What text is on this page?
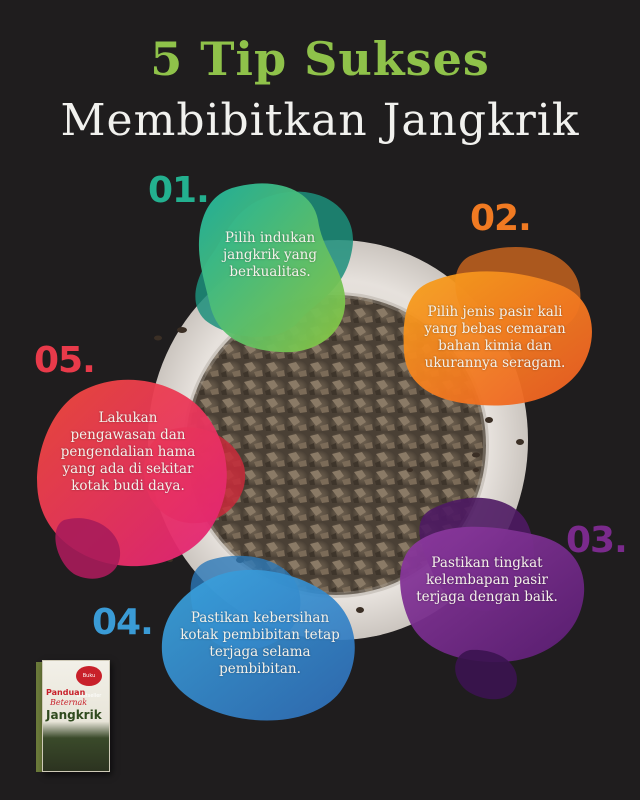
5 Tip Sukses
Membibitkan Jangkrik
01.
02.
03.
04.
05.
Pilih indukan jangkrik yang berkualitas.
Pilih jenis pasir kali yang bebas cemaran bahan kimia dan ukurannya seragam.
Pastikan tingkat kelembapan pasir terjaga dengan baik.
Pastikan kebersihan kotak pembibitan tetap terjaga selama pembibitan.
Lakukan pengawasan dan pengendalian hama yang ada di sekitar kotak budi daya.
Buku Bestseller
Panduan
Beternak
Jangkrik
